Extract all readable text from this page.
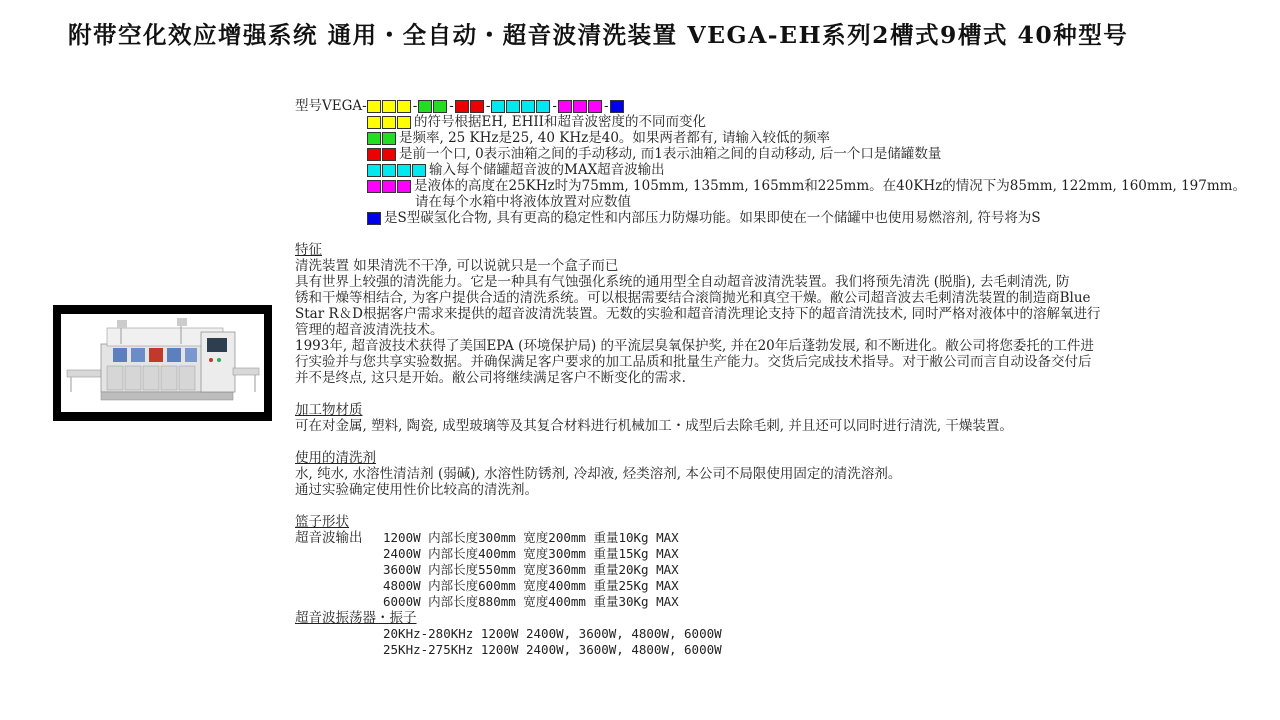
附带空化效应增强系统 通用・全自动・超音波清洗装置 VEGA-EH系列2槽式9槽式 40种型号
型号VEGA-	- - -	-	-
的符号根据EH, EHII和超音波密度的不同而变化
是频率, 25 KHz是25, 40 KHz是40。如果两者都有, 请输入较低的频率
是前一个口, 0表示油箱之间的手动移动, 而1表示油箱之间的自动移动, 后一个口是储罐数量
输入每个储罐超音波的MAX超音波输出
是液体的高度在25KHz时为75mm, 105mm, 135mm, 165mm和225mm。在40KHz的情况下为85mm, 122mm, 160mm, 197mm。
请在每个水箱中将液体放置对应数值
是S型碳氢化合物, 具有更高的稳定性和内部压力防爆功能。如果即使在一个储罐中也使用易燃溶剂, 符号将为S
特征
清洗装置 如果清洗不干净, 可以说就只是一个盒子而已
具有世界上较强的清洗能力。它是一种具有气蚀强化系统的通用型全自动超音波清洗装置。我们将预先清洗 (脱脂), 去毛刺清洗, 防
锈和干燥等相结合, 为客户提供合适的清洗系统。可以根据需要结合滚筒抛光和真空干燥。敝公司超音波去毛刺清洗装置的制造商Blue
Star R＆D根据客户需求来提供的超音波清洗装置。无数的实验和超音清洗理论支持下的超音清洗技术, 同时严格对液体中的溶解氧进行
管理的超音波清洗技术。
1993年, 超音波技术获得了美国EPA (环境保护局) 的平流层臭氧保护奖, 并在20年后蓬勃发展, 和不断进化。敝公司将您委托的工件进
行实验并与您共享实验数据。并确保满足客户要求的加工品质和批量生产能力。交货后完成技术指导。对于敝公司而言自动设备交付后
并不是终点, 这只是开始。敝公司将继续满足客户不断变化的需求.
加工物材质
可在对金属, 塑料, 陶瓷, 成型玻璃等及其复合材料进行机械加工・成型后去除毛刺, 并且还可以同时进行清洗, 干燥装置。
使用的清洗剂
水, 纯水, 水溶性清洁剂 (弱碱), 水溶性防锈剂, 冷却液, 烃类溶剂, 本公司不局限使用固定的清洗溶剂。
通过实验确定使用性价比较高的清洗剂。
篮子形状
超音波输出	1200W 内部长度300mm 宽度200mm 重量10Kg MAX
2400W 内部长度400mm 宽度300mm 重量15Kg MAX
3600W 内部长度550mm 宽度360mm 重量20Kg MAX
4800W 内部长度600mm 宽度400mm 重量25Kg MAX
6000W 内部长度880mm 宽度400mm 重量30Kg MAX
超音波振荡器・振子
20KHz-280KHz 1200W 2400W, 3600W, 4800W, 6000W
25KHz-275KHz 1200W 2400W, 3600W, 4800W, 6000W
